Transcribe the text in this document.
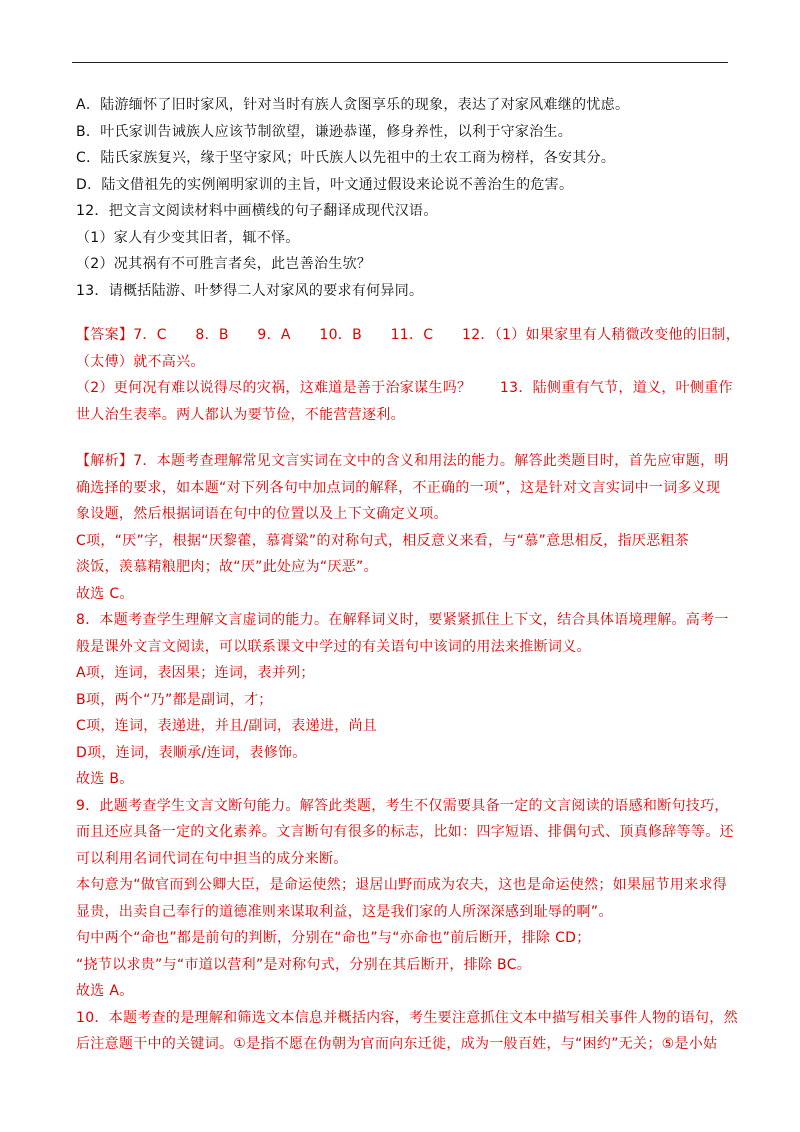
A．陆游缅怀了旧时家风，针对当时有族人贪图享乐的现象，表达了对家风难继的忧虑。
B．叶氏家训告诫族人应该节制欲望，谦逊恭谨，修身养性，以利于守家治生。
C．陆氏家族复兴，缘于坚守家风；叶氏族人以先祖中的土农工商为榜样，各安其分。
D．陆文借祖先的实例阐明家训的主旨，叶文通过假设来论说不善治生的危害。
12．把文言文阅读材料中画横线的句子翻译成现代汉语。
（1）家人有少变其旧者，辄不怿。
（2）况其祸有不可胜言者矣，此岂善治生欤？
13．请概括陆游、叶梦得二人对家风的要求有何异同。
【答案】7．C　　8．B　　9．A　　10．B　　11．C　　12．（1）如果家里有人稍微改变他的旧制，
（太傅）就不高兴。
（2）更何况有难以说得尽的灾祸，这难道是善于治家谋生吗？　　13．陆侧重有气节，道义，叶侧重作
世人治生表率。两人都认为要节俭，不能营营逐利。
【解析】7．本题考查理解常见文言实词在文中的含义和用法的能力。解答此类题目时，首先应审题，明
确选择的要求，如本题“对下列各句中加点词的解释，不正确的一项”，这是针对文言实词中一词多义现
象设题，然后根据词语在句中的位置以及上下文确定义项。
C项，“厌”字，根据“厌黎藿，慕膏粱”的对称句式，相反意义来看，与“慕”意思相反，指厌恶粗茶
淡饭，羡慕精粮肥肉；故“厌”此处应为“厌恶”。
故选 C。
8．本题考查学生理解文言虚词的能力。在解释词义时，要紧紧抓住上下文，结合具体语境理解。高考一
般是课外文言文阅读，可以联系课文中学过的有关语句中该词的用法来推断词义。
A项，连词，表因果；连词，表并列；
B项，两个“乃”都是副词，才；
C项，连词，表递进，并且/副词，表递进，尚且
D项，连词，表顺承/连词，表修饰。
故选 B。
9．此题考查学生文言文断句能力。解答此类题，考生不仅需要具备一定的文言阅读的语感和断句技巧，
而且还应具备一定的文化素养。文言断句有很多的标志，比如：四字短语、排偶句式、顶真修辞等等。还
可以利用名词代词在句中担当的成分来断。
本句意为“做官而到公卿大臣，是命运使然；退居山野而成为农夫，这也是命运使然；如果屈节用来求得
显贵，出卖自己奉行的道德准则来谋取利益，这是我们家的人所深深感到耻辱的啊”。
句中两个“命也”都是前句的判断，分别在“命也”与“亦命也”前后断开，排除 CD；
“挠节以求贵”与“市道以营利”是对称句式，分别在其后断开，排除 BC。
故选 A。
10．本题考查的是理解和筛选文本信息并概括内容，考生要注意抓住文本中描写相关事件人物的语句，然
后注意题干中的关键词。①是指不愿在伪朝为官而向东迁徙，成为一般百姓，与“困约”无关；⑤是小姑
